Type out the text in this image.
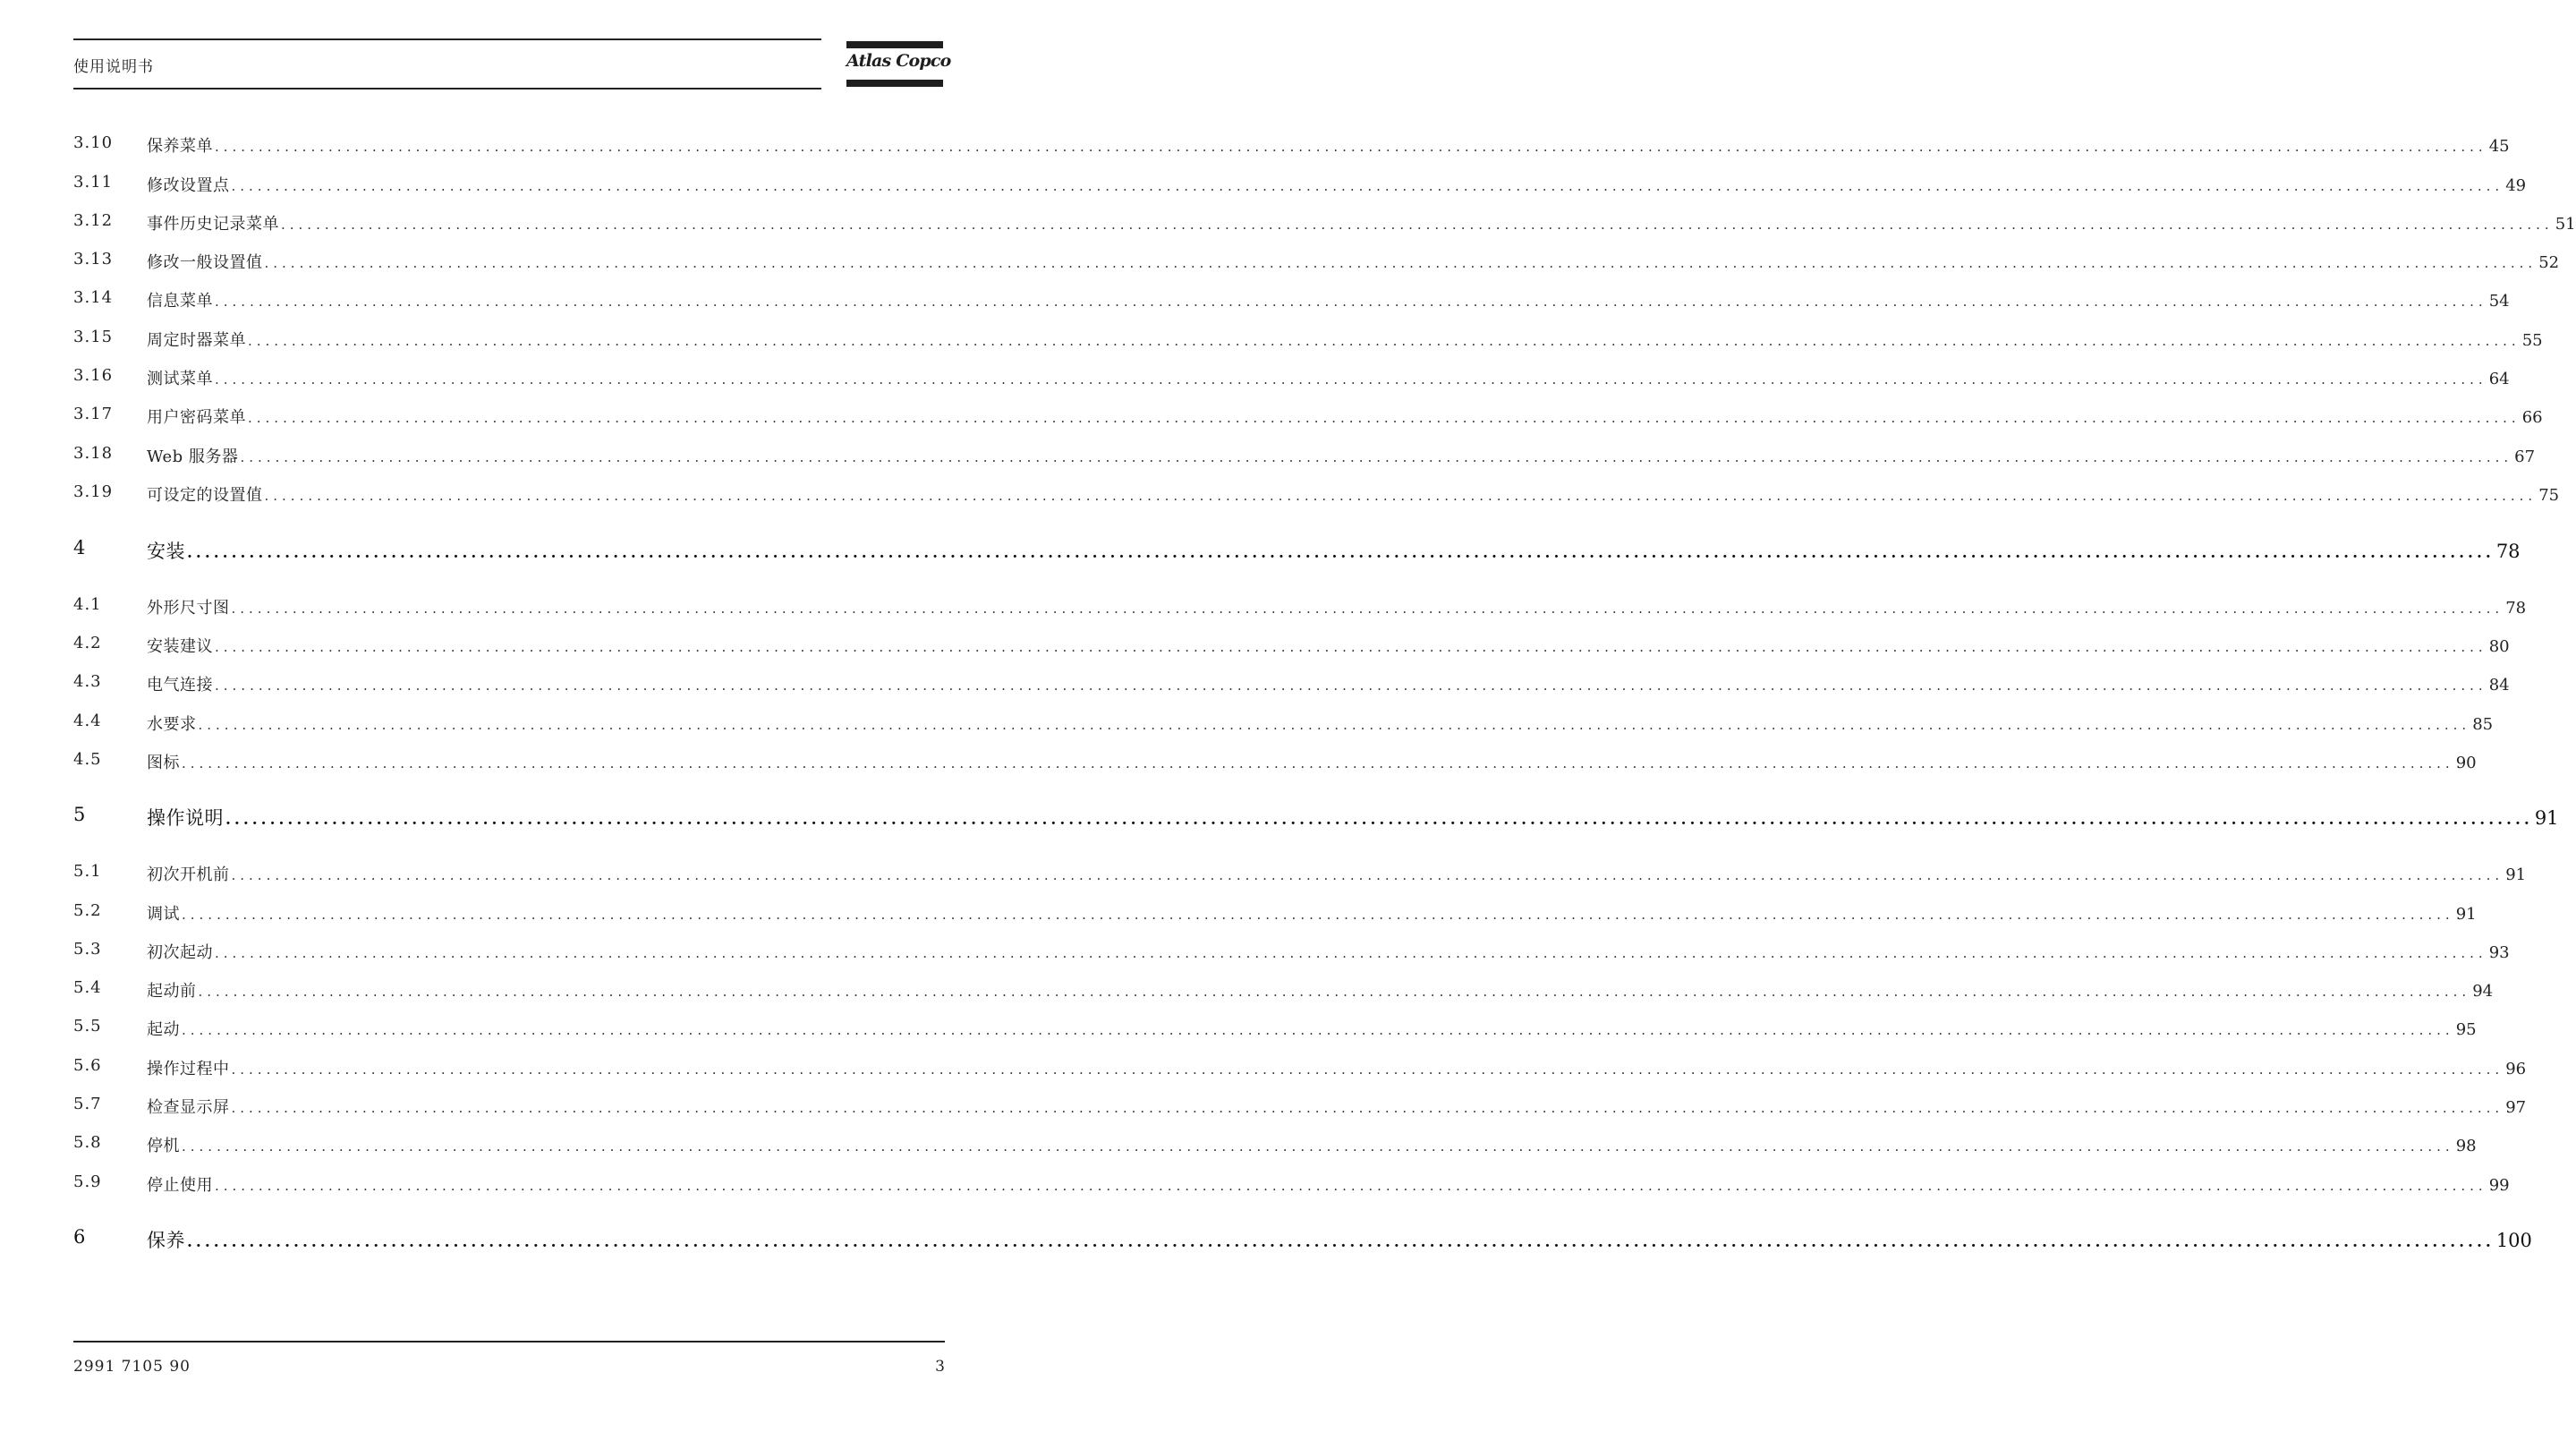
使用说明书	Atlas Copco
3.10 保养菜单 .................................................................................................................................................................................................................................................................... 45
3.11 修改设置点 .................................................................................................................................................................................................................................................................... 49
3.12 事件历史记录菜单 .................................................................................................................................................................................................................................................................... 51
3.13 修改一般设置值 .................................................................................................................................................................................................................................................................... 52
3.14 信息菜单 .................................................................................................................................................................................................................................................................... 54
3.15 周定时器菜单 .................................................................................................................................................................................................................................................................... 55
3.16 测试菜单 .................................................................................................................................................................................................................................................................... 64
3.17 用户密码菜单 .................................................................................................................................................................................................................................................................... 66
3.18 Web 服务器 .................................................................................................................................................................................................................................................................... 67
3.19 可设定的设置值 .................................................................................................................................................................................................................................................................... 75
4	安装 .................................................................................................................................................................................................................................................................... 78
4.1	外形尺寸图 .................................................................................................................................................................................................................................................................... 78
4.2	安装建议 .................................................................................................................................................................................................................................................................... 80
4.3	电气连接 .................................................................................................................................................................................................................................................................... 84
4.4	水要求 .................................................................................................................................................................................................................................................................... 85
4.5	图标 .................................................................................................................................................................................................................................................................... 90
5	操作说明 .................................................................................................................................................................................................................................................................... 91
5.1	初次开机前 .................................................................................................................................................................................................................................................................... 91
5.2	调试 .................................................................................................................................................................................................................................................................... 91
5.3	初次起动 .................................................................................................................................................................................................................................................................... 93
5.4	起动前 .................................................................................................................................................................................................................................................................... 94
5.5	起动 .................................................................................................................................................................................................................................................................... 95
5.6	操作过程中 .................................................................................................................................................................................................................................................................... 96
5.7	检查显示屏 .................................................................................................................................................................................................................................................................... 97
5.8	停机 .................................................................................................................................................................................................................................................................... 98
5.9	停止使用 .................................................................................................................................................................................................................................................................... 99
6	保养 .................................................................................................................................................................................................................................................................... 100
2991 7105 90	3
